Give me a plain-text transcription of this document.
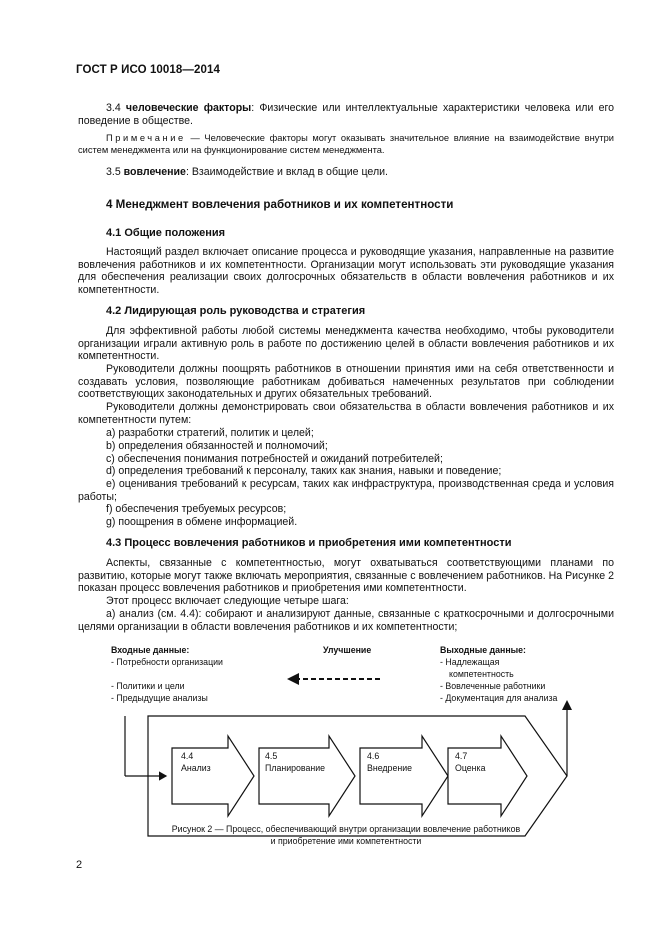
ГОСТ Р ИСО 10018—2014
3.4 человеческие факторы: Физические или интеллектуальные характеристики человека или его поведение в обществе.
Примечание — Человеческие факторы могут оказывать значительное влияние на взаимодействие внутри систем менеджмента или на функционирование систем менеджмента.
3.5 вовлечение: Взаимодействие и вклад в общие цели.
4 Менеджмент вовлечения работников и их компетентности
4.1 Общие положения
Настоящий раздел включает описание процесса и руководящие указания, направленные на развитие вовлечения работников и их компетентности. Организации могут использовать эти руководящие указания для обеспечения реализации своих долгосрочных обязательств в области вовлечения работников и их компетентности.
4.2 Лидирующая роль руководства и стратегия
Для эффективной работы любой системы менеджмента качества необходимо, чтобы руководители организации играли активную роль в работе по достижению целей в области вовлечения работников и их компетентности.
Руководители должны поощрять работников в отношении принятия ими на себя ответственности и создавать условия, позволяющие работникам добиваться намеченных результатов при соблюдении соответствующих законодательных и других обязательных требований.
Руководители должны демонстрировать свои обязательства в области вовлечения работников и их компетентности путем:
а) разработки стратегий, политик и целей;
b) определения обязанностей и полномочий;
c) обеспечения понимания потребностей и ожиданий потребителей;
d) определения требований к персоналу, таких как знания, навыки и поведение;
e) оценивания требований к ресурсам, таких как инфраструктура, производственная среда и условия работы;
f) обеспечения требуемых ресурсов;
g) поощрения в обмене информацией.
4.3 Процесс вовлечения работников и приобретения ими компетентности
Аспекты, связанные с компетентностью, могут охватываться соответствующими планами по развитию, которые могут также включать мероприятия, связанные с вовлечением работников. На Рисунке 2 показан процесс вовлечения работников и приобретения ими компетентности.
Этот процесс включает следующие четыре шага:
а) анализ (см. 4.4): собирают и анализируют данные, связанные с краткосрочными и долгосрочными целями организации в области вовлечения работников и их компетентности;
Входные данные:
- Потребности организации
- Политики и цели
- Предыдущие анализы
Улучшение	Выходные данные:
- Надлежащая
компетентность
- Вовлеченные работники
- Документация для анализа
4.4
Анализ
4.5
Планирование
4.6
Внедрение
4.7
Оценка
Рисунок 2 — Процесс, обеспечивающий внутри организации вовлечение работников
и приобретение ими компетентности
2
